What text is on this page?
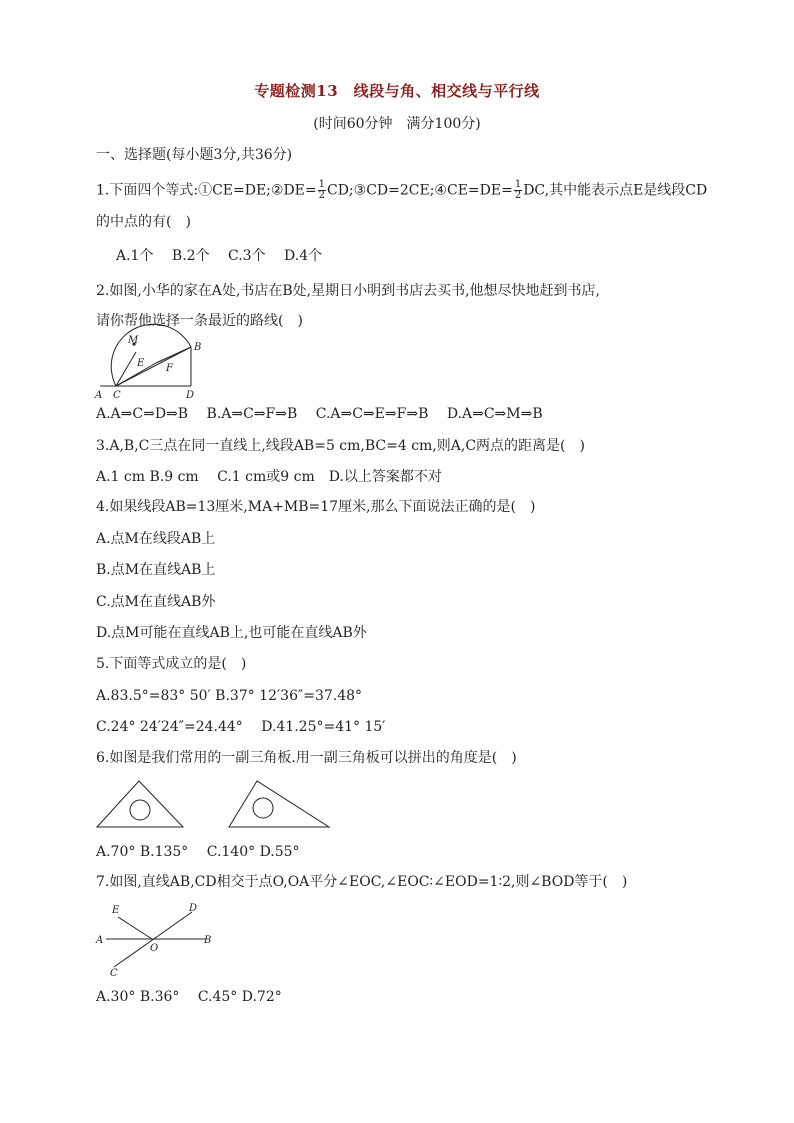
专题检测13　线段与角、相交线与平行线
(时间60分钟　满分100分)
一、选择题(每小题3分,共36分)
1.下面四个等式:①CE=DE;②DE= $\frac{1}{2}$ CD;③CD=2CE;④CE=DE= $\frac{1}{2}$ DC,其中能表示点E是线段CD
的中点的有(　)
A.1个　 B.2个　 C.3个　 D.4个
2.如图,小华的家在A处,书店在B处,星期日小明到书店去买书,他想尽快地赶到书店,
请你帮他选择一条最近的路线(　)
M
B
E F
A C	D
A.A⇒C⇒D⇒B　 B.A⇒C⇒F⇒B　 C.A⇒C⇒E⇒F⇒B　 D.A⇒C⇒M⇒B
3.A,B,C三点在同一直线上,线段AB=5 cm,BC=4 cm,则A,C两点的距离是(　)
A.1 cm B.9 cm　 C.1 cm或9 cm　D.以上答案都不对
4.如果线段AB=13厘米,MA+MB=17厘米,那么下面说法正确的是(　)
A.点M在线段AB上
B.点M在直线AB上
C.点M在直线AB外
D.点M可能在直线AB上,也可能在直线AB外
5.下面等式成立的是(　)
A.83.5°=83° 50′ B.37° 12′36″=37.48°
C.24° 24′24″=24.44°　 D.41.25°=41° 15′
6.如图是我们常用的一副三角板.用一副三角板可以拼出的角度是(　)
A.70° B.135°　 C.140° D.55°
7.如图,直线AB,CD相交于点O,OA平分∠EOC,∠EOC∶∠EOD=1∶2,则∠BOD等于(　)
E	D
A
O
B
C
A.30° B.36°　 C.45° D.72°
